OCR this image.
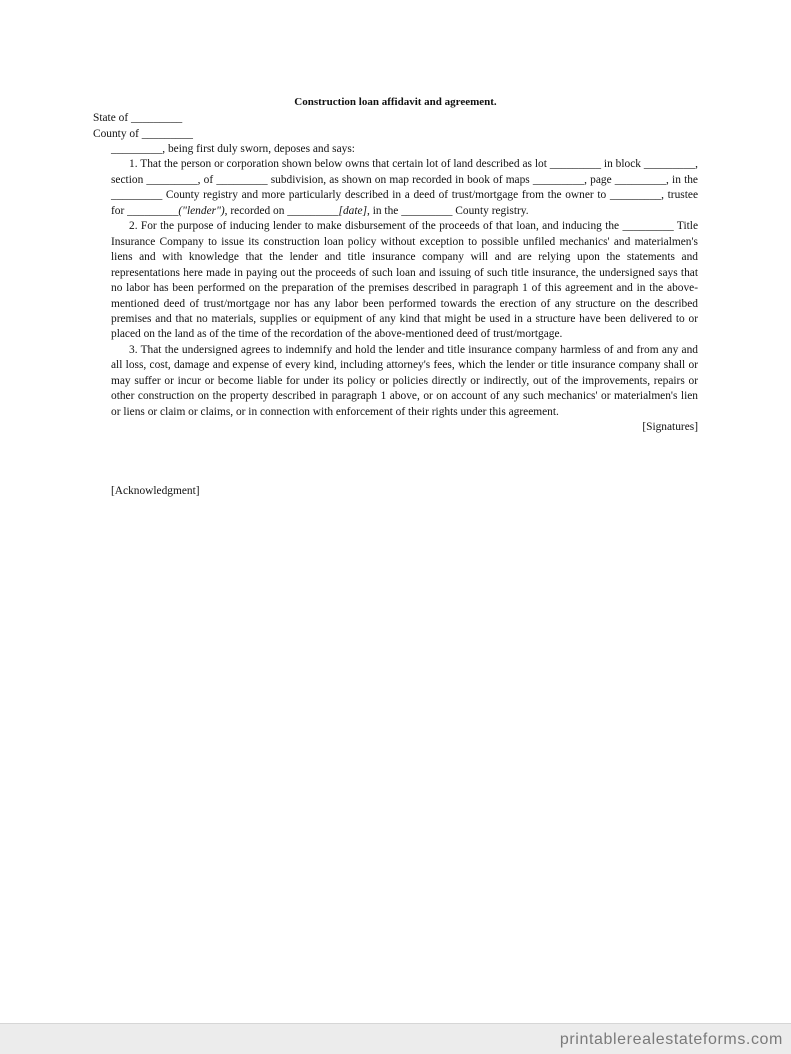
Construction loan affidavit and agreement.
State of _________
County of _________

_________, being first duly sworn, deposes and says:

1. That the person or corporation shown below owns that certain lot of land described as lot _________ in block _________, section _________, of _________ subdivision, as shown on map recorded in book of maps _________, page _________, in the _________ County registry and more particularly described in a deed of trust/mortgage from the owner to _________, trustee for _________("lender"), recorded on _________[date], in the _________ County registry.

2. For the purpose of inducing lender to make disbursement of the proceeds of that loan, and inducing the _________ Title Insurance Company to issue its construction loan policy without exception to possible unfiled mechanics' and materialmen's liens and with knowledge that the lender and title insurance company will and are relying upon the statements and representations here made in paying out the proceeds of such loan and issuing of such title insurance, the undersigned says that no labor has been performed on the preparation of the premises described in paragraph 1 of this agreement and in the above-mentioned deed of trust/mortgage nor has any labor been performed towards the erection of any structure on the described premises and that no materials, supplies or equipment of any kind that might be used in a structure have been delivered to or placed on the land as of the time of the recordation of the above-mentioned deed of trust/mortgage.

3. That the undersigned agrees to indemnify and hold the lender and title insurance company harmless of and from any and all loss, cost, damage and expense of every kind, including attorney's fees, which the lender or title insurance company shall or may suffer or incur or become liable for under its policy or policies directly or indirectly, out of the improvements, repairs or other construction on the property described in paragraph 1 above, or on account of any such mechanics' or materialmen's lien or liens or claim or claims, or in connection with enforcement of their rights under this agreement.

[Signatures]

[Acknowledgment]
printablerealestateforms.com
